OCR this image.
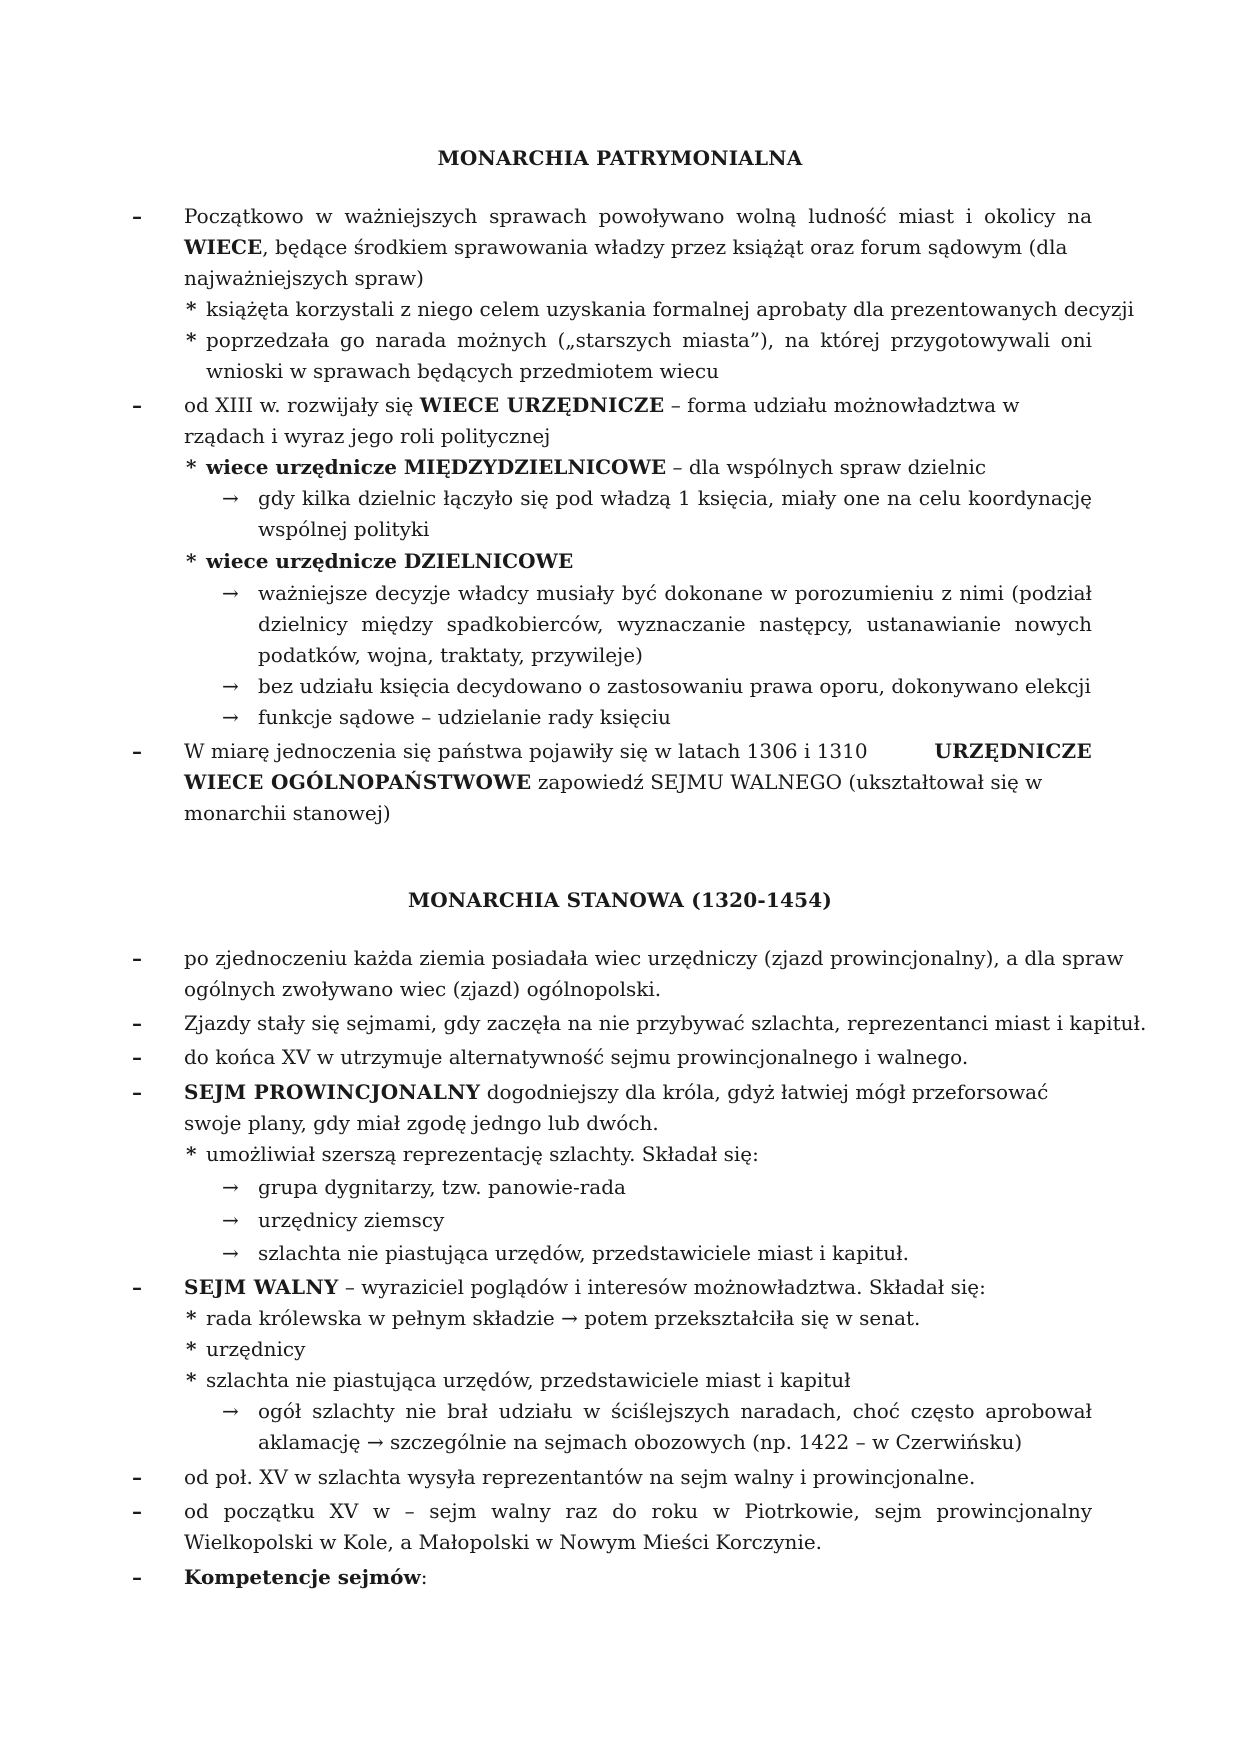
MONARCHIA PATRYMONIALNA
– Początkowo w ważniejszych sprawach powoływano wolną ludność miast i okolicy na
WIECE, będące środkiem sprawowania władzy przez książąt oraz forum sądowym (dla
najważniejszych spraw)
* książęta korzystali z niego celem uzyskania formalnej aprobaty dla prezentowanych decyzji
* poprzedzała go narada możnych („starszych miasta”), na której przygotowywali oni
wnioski w sprawach będących przedmiotem wiecu
– od XIII w. rozwijały się WIECE URZĘDNICZE – forma udziału możnowładztwa w
rządach i wyraz jego roli politycznej
* wiece urzędnicze MIĘDZYDZIELNICOWE – dla wspólnych spraw dzielnic
→ gdy kilka dzielnic łączyło się pod władzą 1 księcia, miały one na celu koordynację
wspólnej polityki
* wiece urzędnicze DZIELNICOWE
→ ważniejsze decyzje władcy musiały być dokonane w porozumieniu z nimi (podział
dzielnicy między spadkobierców, wyznaczanie następcy, ustanawianie nowych
podatków, wojna, traktaty, przywileje)
→ bez udziału księcia decydowano o zastosowaniu prawa oporu, dokonywano elekcji
→ funkcje sądowe – udzielanie rady księciu
– W miarę jednoczenia się państwa pojawiły się w latach 1306 i 1310	URZĘDNICZE
WIECE OGÓLNOPAŃSTWOWE zapowiedź SEJMU WALNEGO (ukształtował się w
monarchii stanowej)
MONARCHIA STANOWA (1320-1454)
– po zjednoczeniu każda ziemia posiadała wiec urzędniczy (zjazd prowincjonalny), a dla spraw
ogólnych zwoływano wiec (zjazd) ogólnopolski.
– Zjazdy stały się sejmami, gdy zaczęła na nie przybywać szlachta, reprezentanci miast i kapituł.
– do końca XV w utrzymuje alternatywność sejmu prowincjonalnego i walnego.
– SEJM PROWINCJONALNY dogodniejszy dla króla, gdyż łatwiej mógł przeforsować
swoje plany, gdy miał zgodę jedngo lub dwóch.
* umożliwiał szerszą reprezentację szlachty. Składał się:
→ grupa dygnitarzy, tzw. panowie-rada
→ urzędnicy ziemscy
→ szlachta nie piastująca urzędów, przedstawiciele miast i kapituł.
– SEJM WALNY – wyraziciel poglądów i interesów możnowładztwa. Składał się:
* rada królewska w pełnym składzie → potem przekształciła się w senat.
* urzędnicy
* szlachta nie piastująca urzędów, przedstawiciele miast i kapituł
→ ogół szlachty nie brał udziału w ściślejszych naradach, choć często aprobował
aklamację → szczególnie na sejmach obozowych (np. 1422 – w Czerwińsku)
– od poł. XV w szlachta wysyła reprezentantów na sejm walny i prowincjonalne.
– od początku XV w – sejm walny raz do roku w Piotrkowie, sejm prowincjonalny
Wielkopolski w Kole, a Małopolski w Nowym Mieści Korczynie.
– Kompetencje sejmów:
